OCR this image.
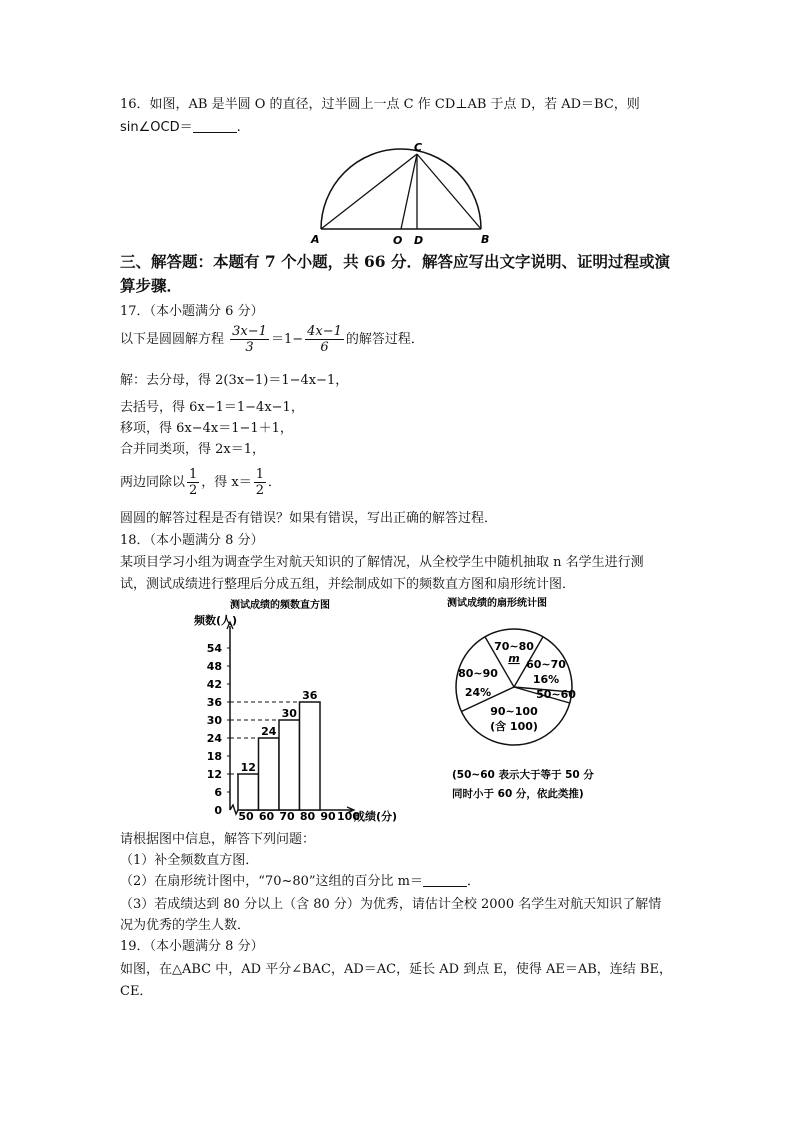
16．如图，AB 是半圆 O 的直径，过半圆上一点 C 作 CD⊥AB 于点 D，若 AD＝BC，则
sin∠OCD＝	.
C
A	O D	B
三、解答题：本题有 7 个小题，共 66 分．解答应写出文字说明、证明过程或演
算步骤．
17．（本小题满分 6 分）
以下是圆圆解方程 $\frac{3x-1}{3} =1- \frac{4x-1}{6}$ 的解答过程．
解：去分母，得 2(3x−1)＝1−4x−1，
去括号，得 6x−1＝1−4x−1，
移项，得 6x−4x＝1−1＋1，
合并同类项，得 2x＝1，
两边同除以 $\frac{1}{2}$ ，得 $x= \frac{1}{2}$ ．
圆圆的解答过程是否有错误？如果有错误，写出正确的解答过程．
18．（本小题满分 8 分）
某项目学习小组为调查学生对航天知识的了解情况，从全校学生中随机抽取 n 名学生进行测
试，测试成绩进行整理后分成五组，并绘制成如下的频数直方图和扇形统计图．
测试成绩的频数直方图
频数(人)
成绩(分)
0
6
12
18
24
30
36
42
48
54
50 60 70 80 90 100
12
24
30
36
测试成绩的扇形统计图
70~80
m 60~70
16%
50~60
90~100
(含 100)
80~90
24%
(50~60 表示大于等于 50 分
同时小于 60 分，依此类推)
请根据图中信息，解答下列问题：
（1）补全频数直方图．
（2）在扇形统计图中，“70~80”这组的百分比 m＝	．
（3）若成绩达到 80 分以上（含 80 分）为优秀，请估计全校 2000 名学生对航天知识了解情
况为优秀的学生人数．
19．（本小题满分 8 分）
如图，在△ABC 中，AD 平分∠BAC，AD＝AC，延长 AD 到点 E，使得 AE＝AB，连结 BE，
CE．
